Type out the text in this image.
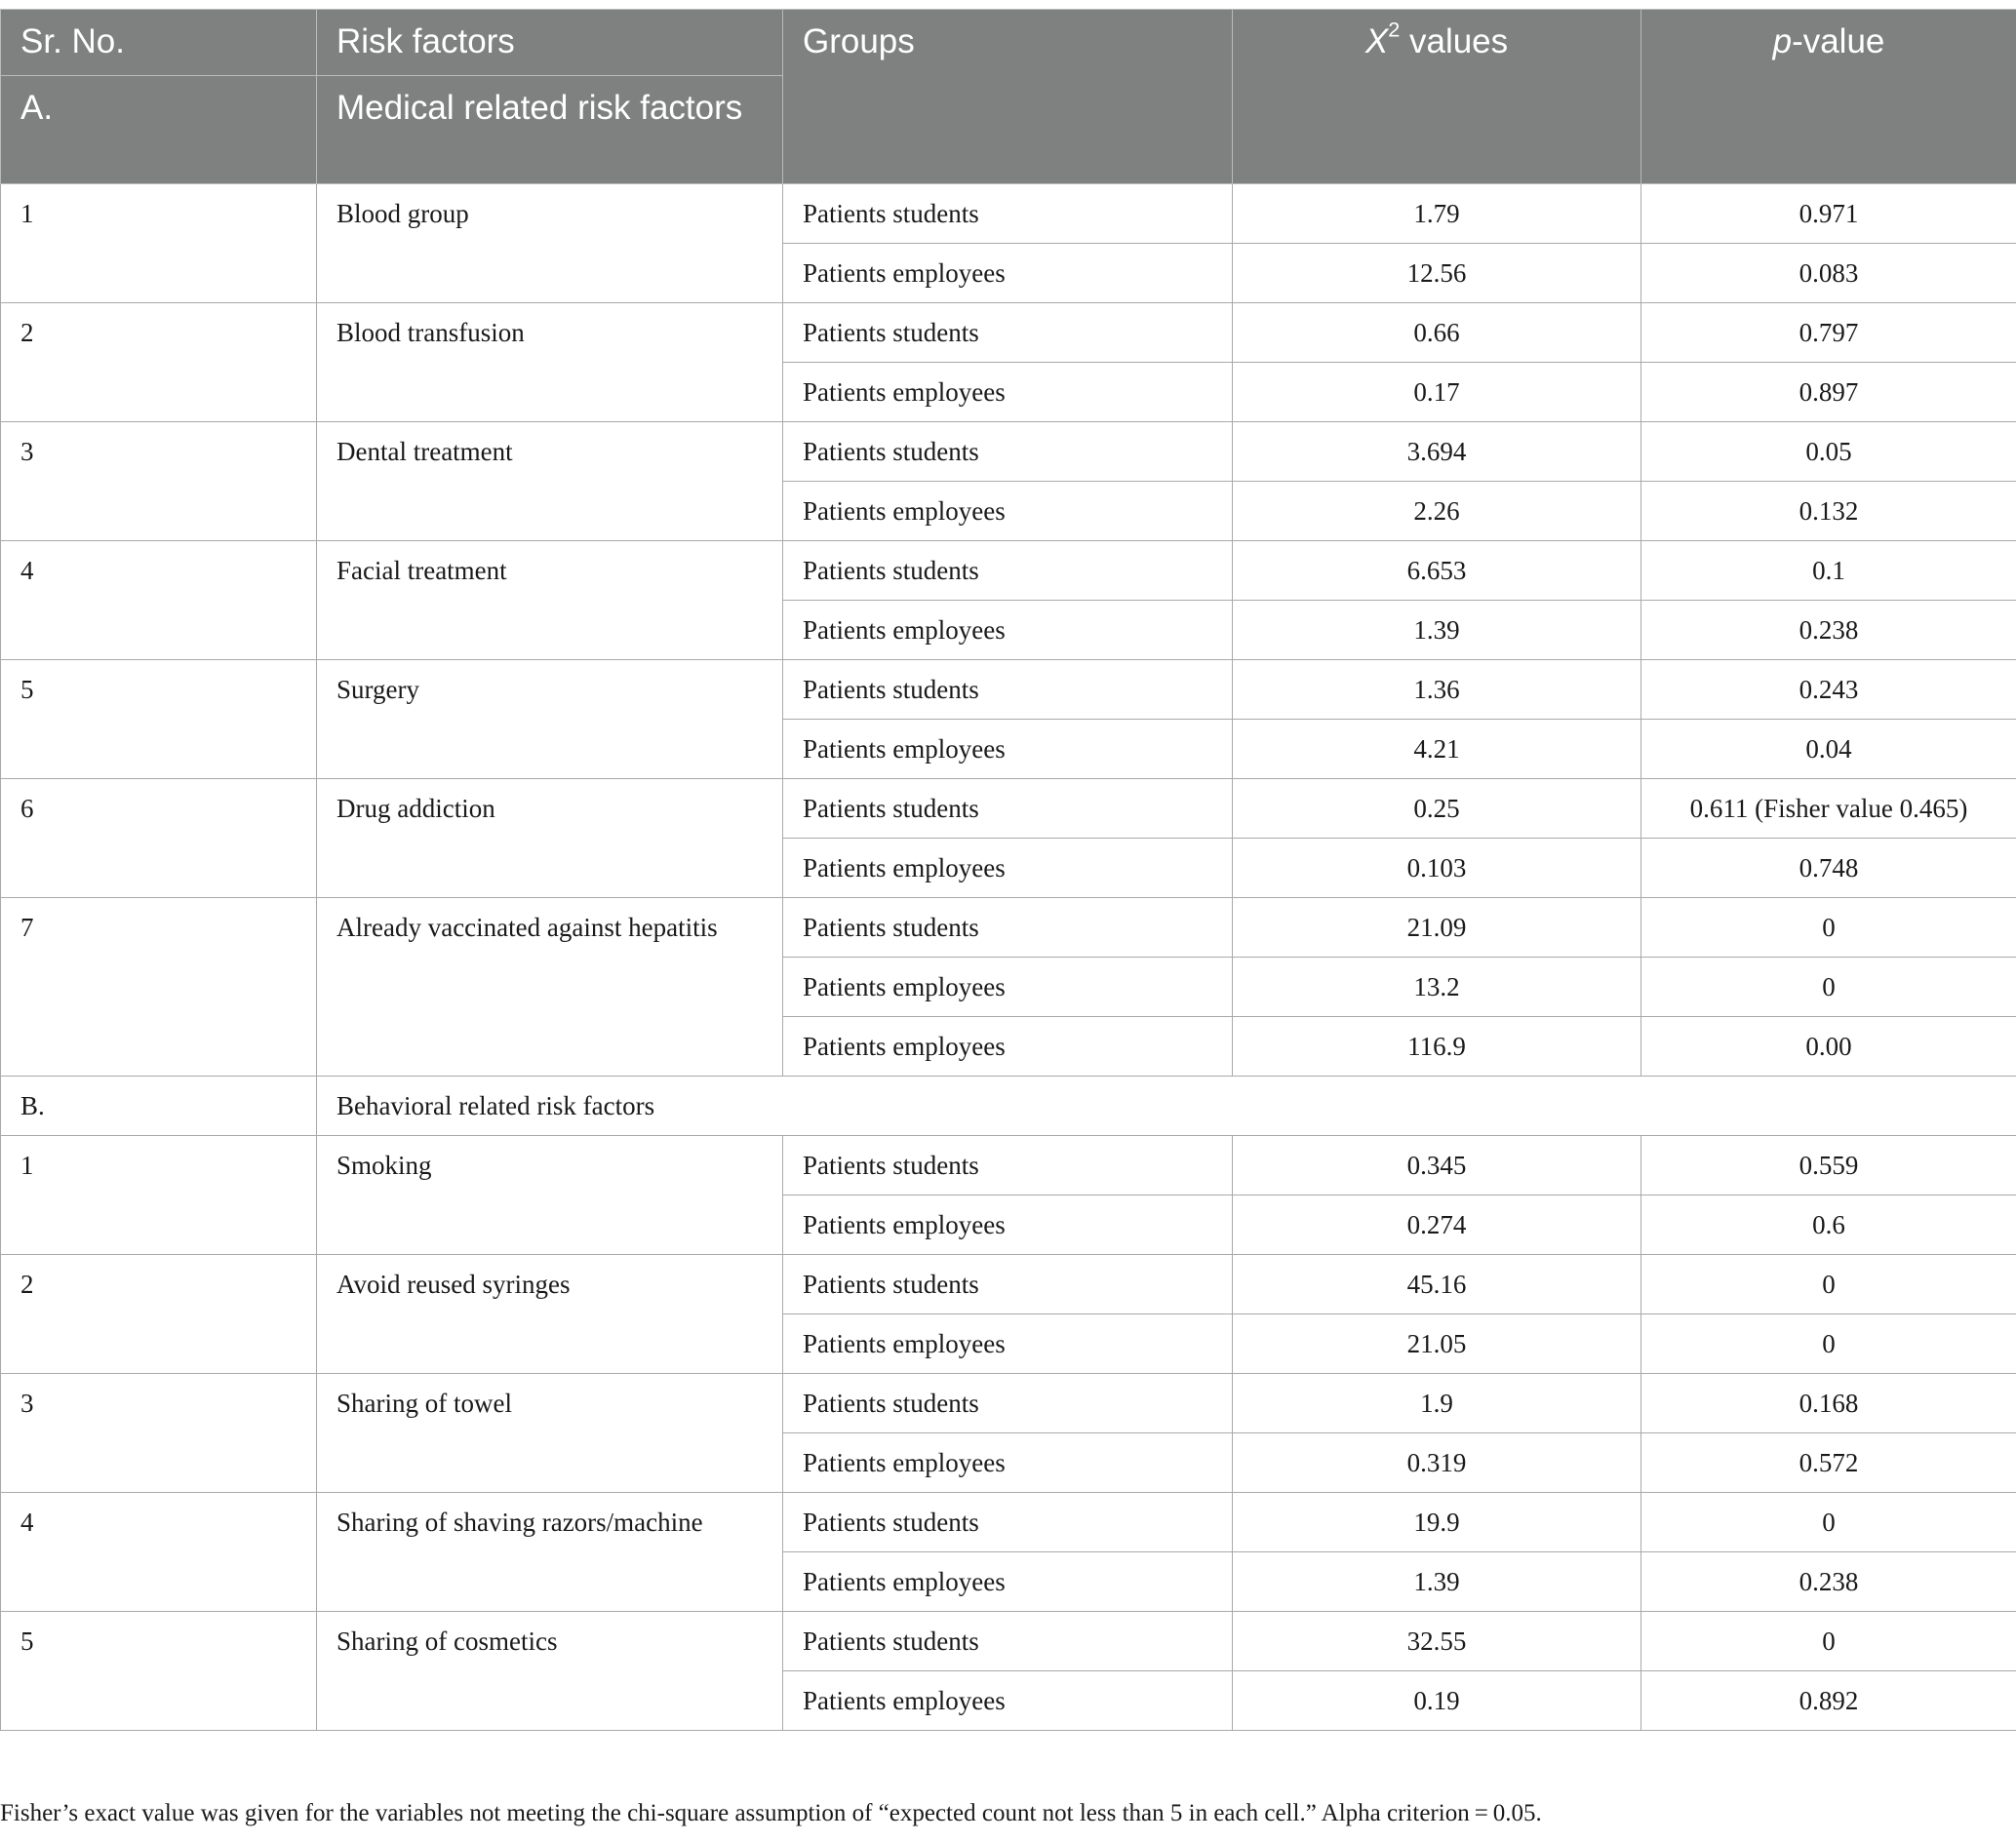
Sr. No.	Risk factors	Groups	$X^2$ values	p-value
A.	Medical related risk factors			
1	Blood group	Patients students	1.79	0.971
		Patients employees	12.56	0.083
2	Blood transfusion	Patients students	0.66	0.797
		Patients employees	0.17	0.897
3	Dental treatment	Patients students	3.694	0.05
		Patients employees	2.26	0.132
4	Facial treatment	Patients students	6.653	0.1
		Patients employees	1.39	0.238
5	Surgery	Patients students	1.36	0.243
		Patients employees	4.21	0.04
6	Drug addiction	Patients students	0.25	0.611 (Fisher value 0.465)
		Patients employees	0.103	0.748
7	Already vaccinated against hepatitis	Patients students	21.09	0
		Patients employees	13.2	0
		Patients employees	116.9	0.00
B.	Behavioral related risk factors			
1	Smoking	Patients students	0.345	0.559
		Patients employees	0.274	0.6
2	Avoid reused syringes	Patients students	45.16	0
		Patients employees	21.05	0
3	Sharing of towel	Patients students	1.9	0.168
		Patients employees	0.319	0.572
4	Sharing of shaving razors/machine	Patients students	19.9	0
		Patients employees	1.39	0.238
5	Sharing of cosmetics	Patients students	32.55	0
		Patients employees	0.19	0.892
Fisher’s exact value was given for the variables not meeting the chi-square assumption of “expected count not less than 5 in each cell.” Alpha criterion = 0.05.
